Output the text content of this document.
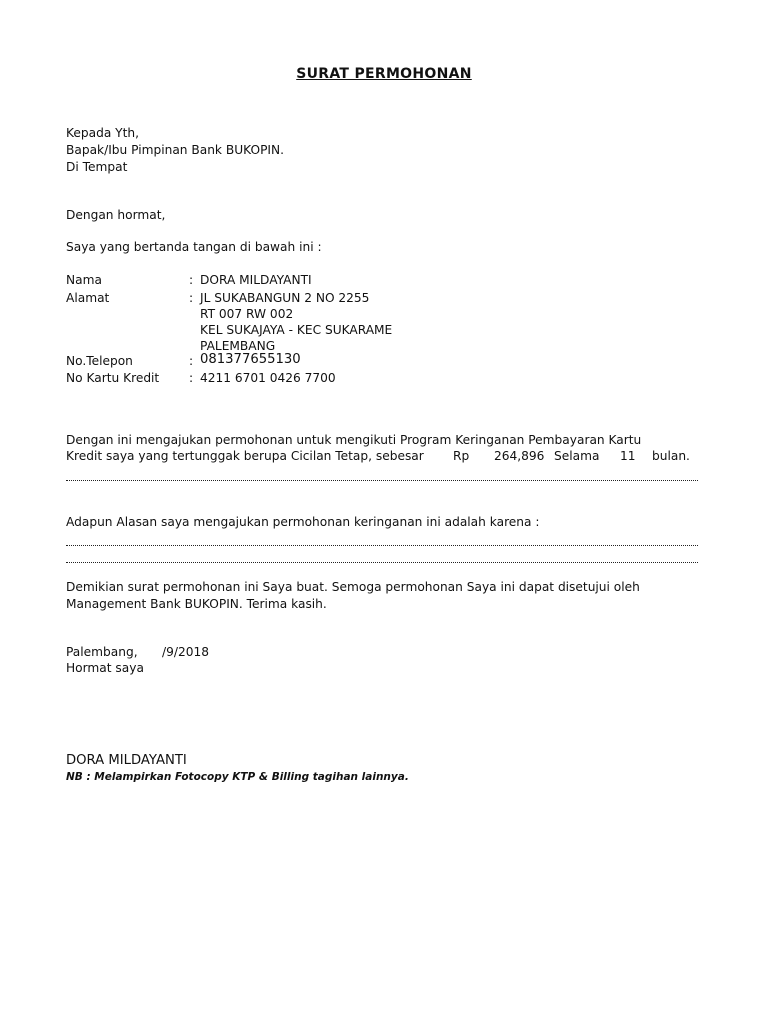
SURAT PERMOHONAN
Kepada Yth,
Bapak/Ibu Pimpinan Bank BUKOPIN.
Di Tempat
Dengan hormat,
Saya yang bertanda tangan di bawah ini :
Nama	: DORA MILDAYANTI
Alamat	: JL SUKABANGUN 2 NO 2255
RT 007 RW 002
KEL SUKAJAYA - KEC SUKARAME
PALEMBANG
No.Telepon	: 081377655130
No Kartu Kredit : 4211 6701 0426 7700
Dengan ini mengajukan permohonan untuk mengikuti Program Keringanan Pembayaran Kartu
Kredit saya yang tertunggak berupa Cicilan Tetap, sebesar Rp 264,896 Selama 11 bulan.
Adapun Alasan saya mengajukan permohonan keringanan ini adalah karena :
Demikian surat permohonan ini Saya buat. Semoga permohonan Saya ini dapat disetujui oleh
Management Bank BUKOPIN. Terima kasih.
Palembang, /9/2018
Hormat saya
DORA MILDAYANTI
NB : Melampirkan Fotocopy KTP & Billing tagihan lainnya.
